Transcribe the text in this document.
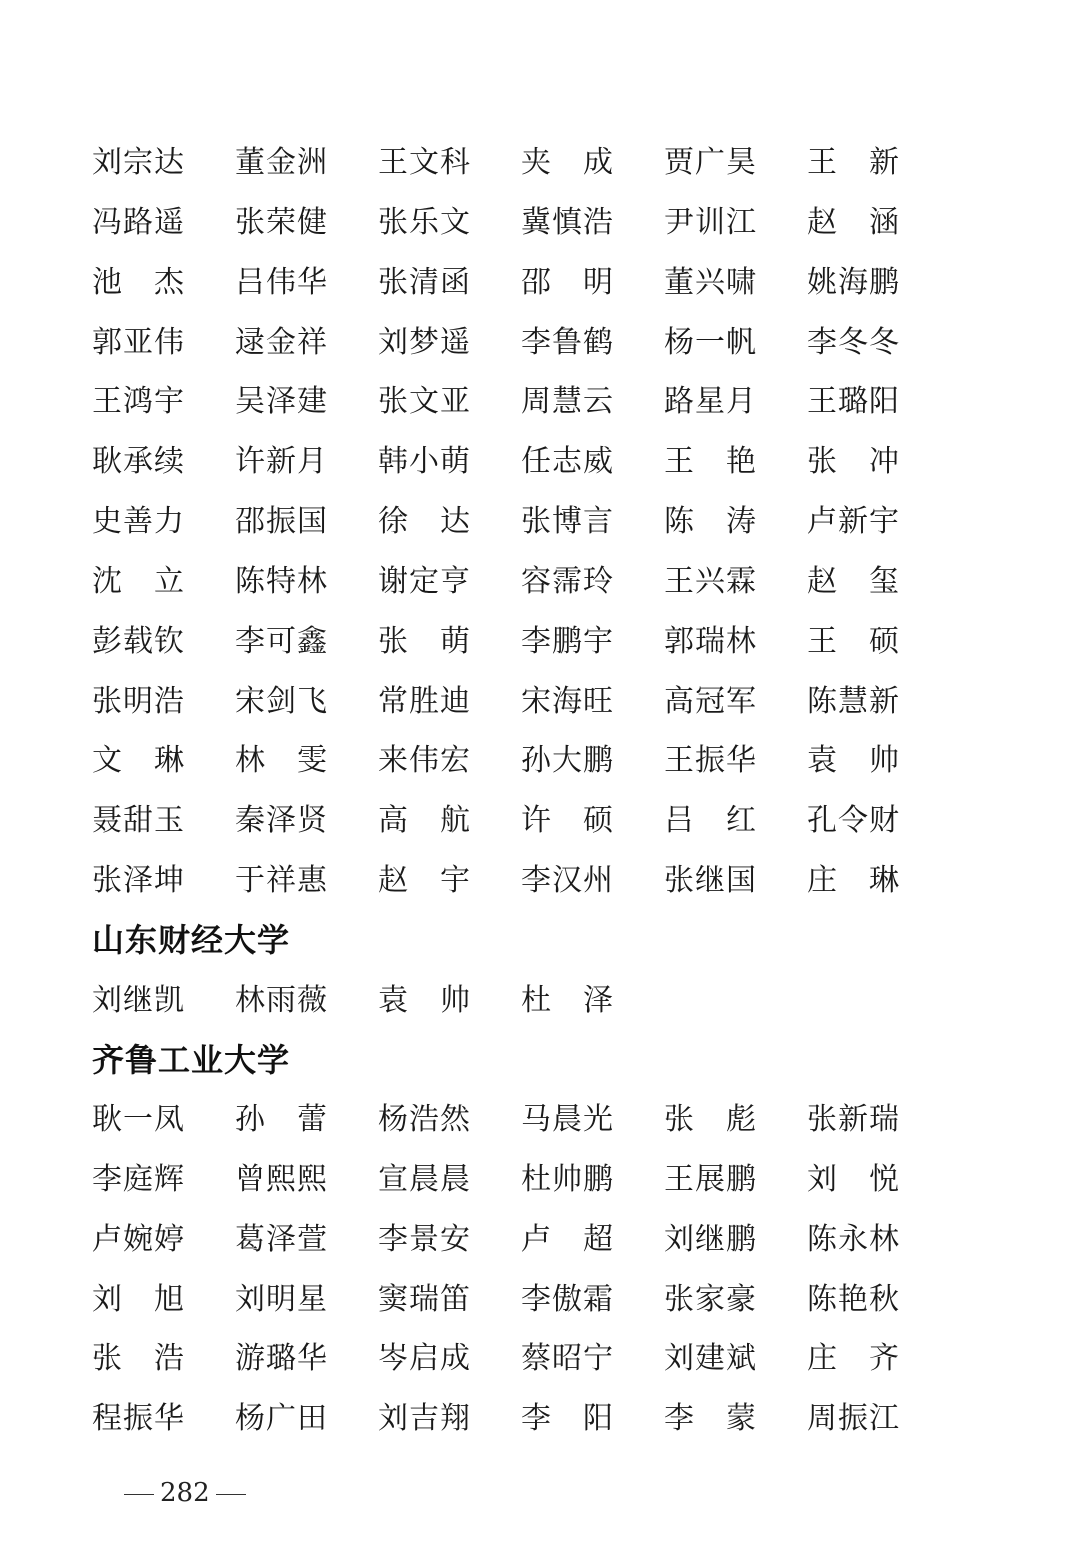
刘 宗 达 董 金 洲 王 文 科 夹 成 贾 广 昊 王 新
冯 路 遥 张 荣 健 张 乐 文 冀 慎 浩 尹 训 江 赵 涵
池 杰 吕 伟 华 张 清 函 邵 明 董 兴 啸 姚 海 鹏
郭 亚 伟 逯 金 祥 刘 梦 遥 李 鲁 鹤 杨 一 帆 李 冬 冬
王 鸿 宇 吴 泽 建 张 文 亚 周 慧 云 路 星 月 王 璐 阳
耿 承 续 许 新 月 韩 小 萌 任 志 威 王 艳 张 冲
史 善 力 邵 振 国 徐 达 张 博 言 陈 涛 卢 新 宇
沈 立 陈 特 林 谢 定 亨 容 霈 玲 王 兴 霖 赵 玺
彭 载 钦 李 可 鑫 张 萌 李 鹏 宇 郭 瑞 林 王 硕
张 明 浩 宋 剑 飞 常 胜 迪 宋 海 旺 高 冠 军 陈 慧 新
文 琳 林 雯 来 伟 宏 孙 大 鹏 王 振 华 袁 帅
聂 甜 玉 秦 泽 贤 高 航 许 硕 吕 红 孔 令 财
张 泽 坤 于 祥 惠 赵 宇 李 汉 州 张 继 国 庄 琳
山东财经大学
刘 继 凯 林 雨 薇 袁 帅 杜 泽
齐鲁工业大学
耿 一 凤 孙 蕾 杨 浩 然 马 晨 光 张 彪 张 新 瑞
李 庭 辉 曾 熙 熙 宣 晨 晨 杜 帅 鹏 王 展 鹏 刘 悦
卢 婉 婷 葛 泽 萱 李 景 安 卢 超 刘 继 鹏 陈 永 林
刘 旭 刘 明 星 窦 瑞 笛 李 傲 霜 张 家 豪 陈 艳 秋
张 浩 游 璐 华 岑 启 成 蔡 昭 宁 刘 建 斌 庄 齐
程 振 华 杨 广 田 刘 吉 翔 李 阳 李 蒙 周 振 江
282
